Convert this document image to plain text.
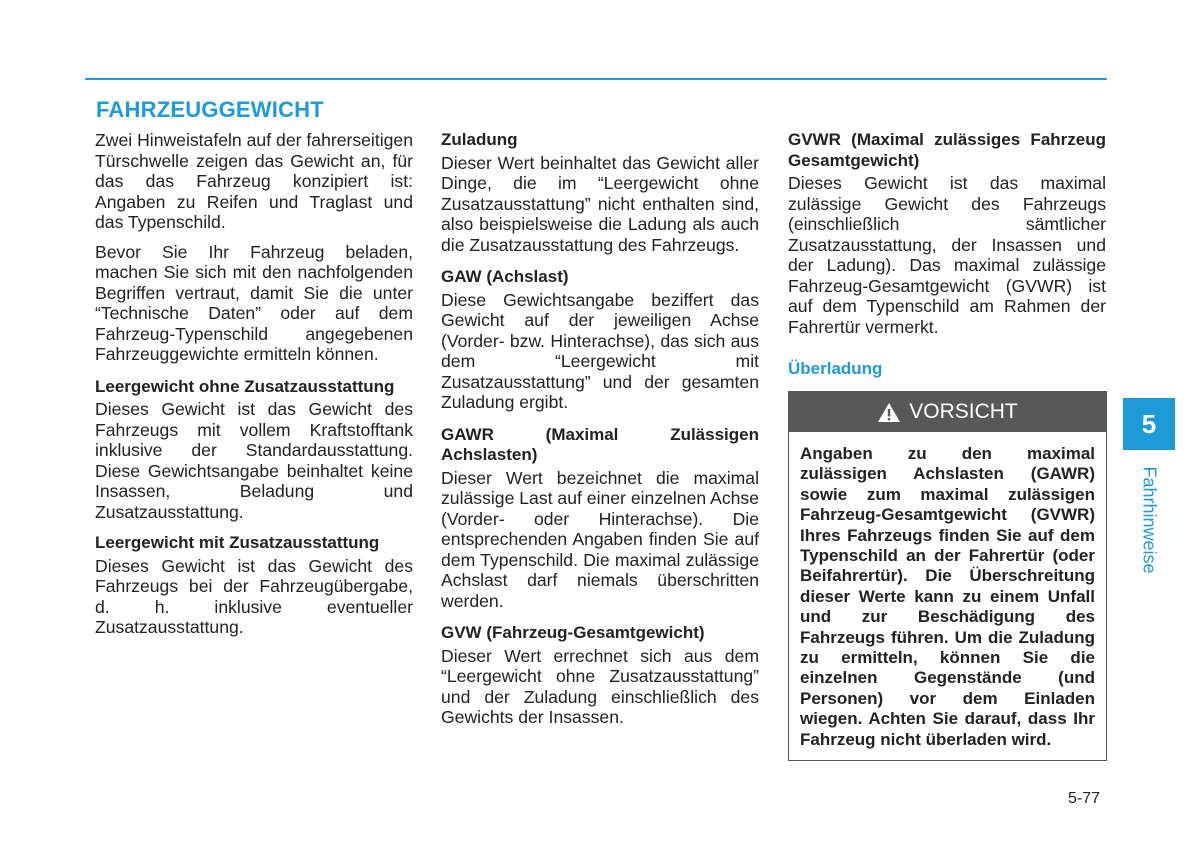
FAHRZEUGGEWICHT

Zwei Hinweistafeln auf der fahrerseitigen Türschwelle zeigen das Gewicht an, für das das Fahrzeug konzipiert ist: Angaben zu Reifen und Traglast und das Typenschild.

Bevor Sie Ihr Fahrzeug beladen, machen Sie sich mit den nachfolgenden Begriffen vertraut, damit Sie die unter “Technische Daten” oder auf dem Fahrzeug-Typenschild angegebenen Fahrzeuggewichte ermitteln können.

Leergewicht ohne Zusatzausstattung

Dieses Gewicht ist das Gewicht des Fahrzeugs mit vollem Kraftstofftank inklusive der Standardausstattung. Diese Gewichtsangabe beinhaltet keine Insassen, Beladung und Zusatzausstattung.

Leergewicht mit Zusatzausstattung

Dieses Gewicht ist das Gewicht des Fahrzeugs bei der Fahrzeugübergabe, d. h. inklusive eventueller Zusatzausstattung.

Zuladung

Dieser Wert beinhaltet das Gewicht aller Dinge, die im “Leergewicht ohne Zusatzausstattung” nicht enthalten sind, also beispielsweise die Ladung als auch die Zusatzausstattung des Fahrzeugs.

GAW (Achslast)

Diese Gewichtsangabe beziffert das Gewicht auf der jeweiligen Achse (Vorder- bzw. Hinterachse), das sich aus dem “Leergewicht mit Zusatzausstattung” und der gesamten Zuladung ergibt.

GAWR (Maximal Zulässigen Achslasten)

Dieser Wert bezeichnet die maximal zulässige Last auf einer einzelnen Achse (Vorder- oder Hinterachse). Die entsprechenden Angaben finden Sie auf dem Typenschild. Die maximal zulässige Achslast darf niemals überschritten werden.

GVW (Fahrzeug-Gesamtgewicht)

Dieser Wert errechnet sich aus dem “Leergewicht ohne Zusatzausstattung” und der Zuladung einschließlich des Gewichts der Insassen.

GVWR (Maximal zulässiges Fahrzeug Gesamtgewicht)

Dieses Gewicht ist das maximal zulässige Gewicht des Fahrzeugs (einschließlich sämtlicher Zusatzausstattung, der Insassen und der Ladung). Das maximal zulässige Fahrzeug-Gesamtgewicht (GVWR) ist auf dem Typenschild am Rahmen der Fahrertür vermerkt.

Überladung
VORSICHT
Angaben zu den maximal zulässigen Achslasten (GAWR) sowie zum maximal zulässigen Fahrzeug-Gesamtgewicht (GVWR) Ihres Fahrzeugs finden Sie auf dem Typenschild an der Fahrertür (oder Beifahrertür). Die Überschreitung dieser Werte kann zu einem Unfall und zur Beschädigung des Fahrzeugs führen. Um die Zuladung zu ermitteln, können Sie die einzelnen Gegenstände (und Personen) vor dem Einladen wiegen. Achten Sie darauf, dass Ihr Fahrzeug nicht überladen wird.
5
Fahrhinweise
5-77
